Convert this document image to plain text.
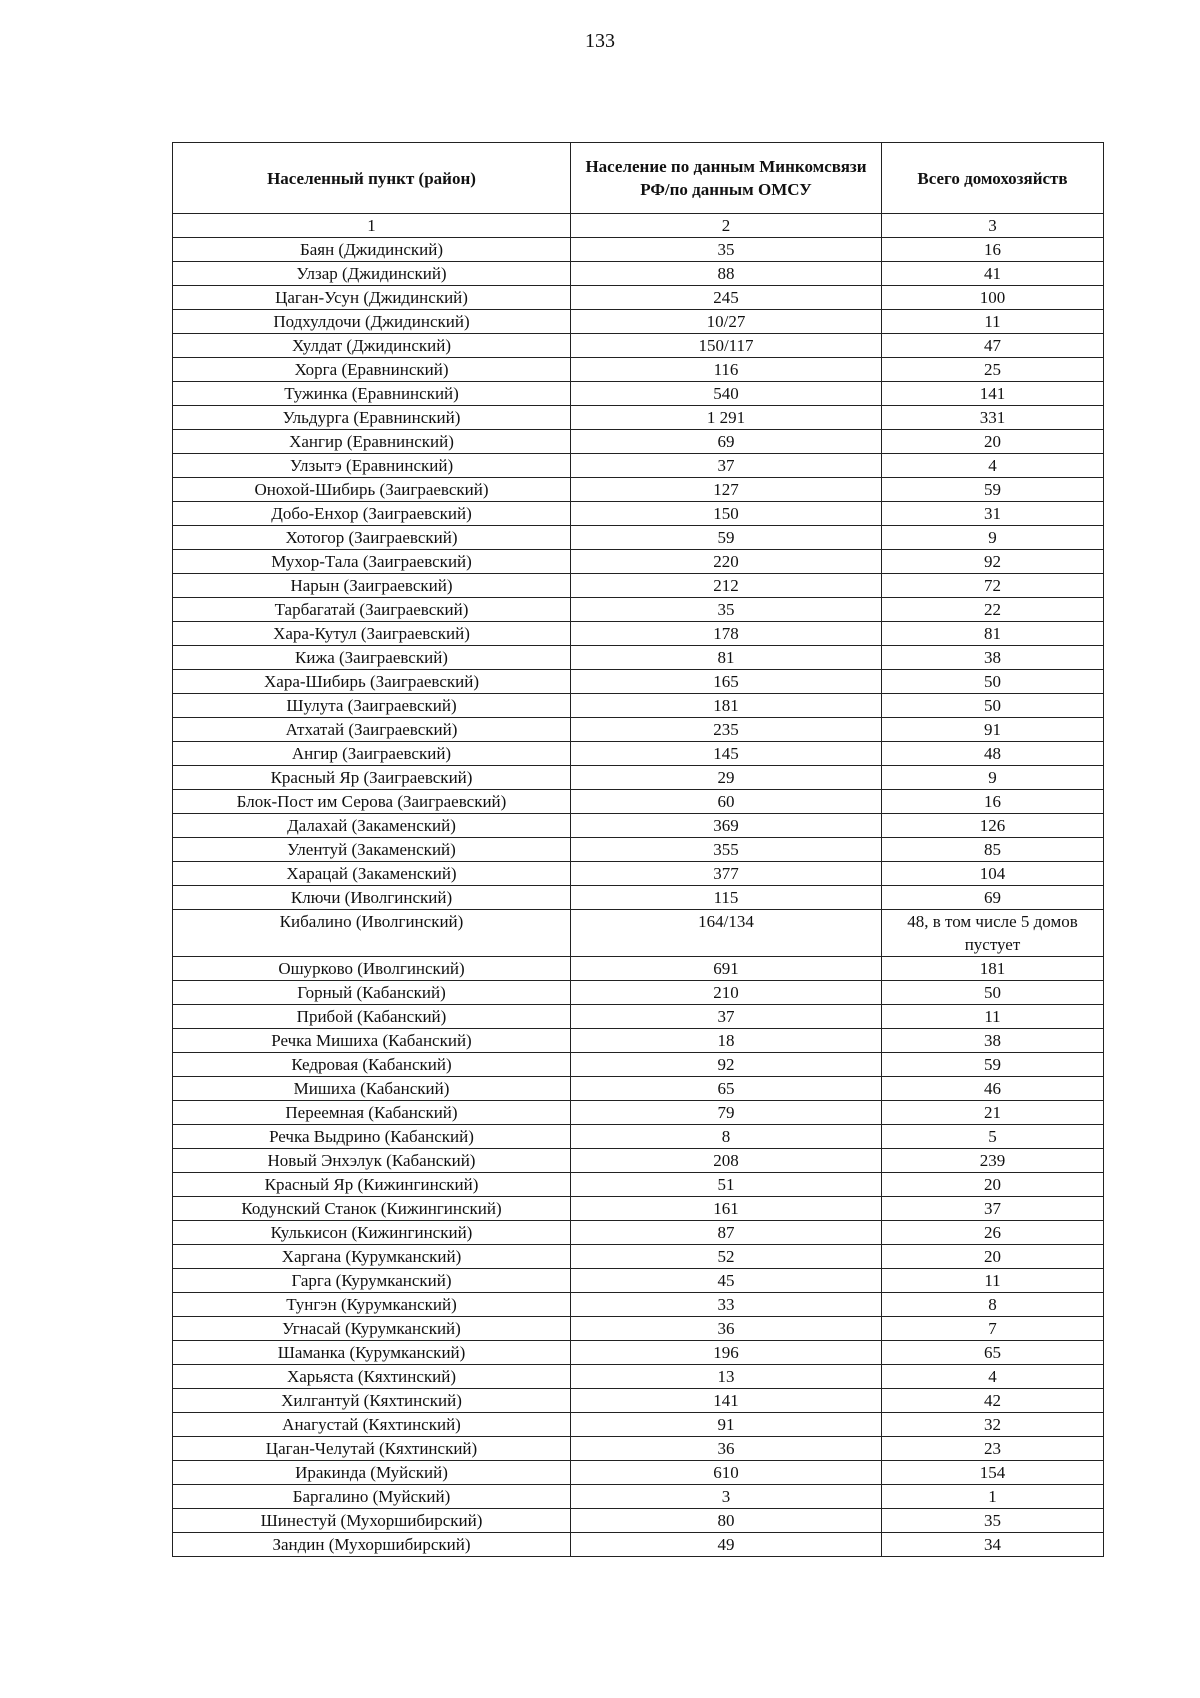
133
Населенный пункт (район)	Население по данным Минкомсвязи РФ/по данным ОМСУ	Всего домохозяйств
1	2	3
Баян (Джидинский)	35	16
Улзар (Джидинский)	88	41
Цаган-Усун (Джидинский)	245	100
Подхулдочи (Джидинский)	10/27	11
Хулдат (Джидинский)	150/117	47
Хорга (Еравнинский)	116	25
Тужинка (Еравнинский)	540	141
Ульдурга (Еравнинский)	1 291	331
Хангир (Еравнинский)	69	20
Улзытэ (Еравнинский)	37	4
Онохой-Шибирь (Заиграевский)	127	59
Добо-Енхор (Заиграевский)	150	31
Хотогор (Заиграевский)	59	9
Мухор-Тала (Заиграевский)	220	92
Нарын (Заиграевский)	212	72
Тарбагатай (Заиграевский)	35	22
Хара-Кутул (Заиграевский)	178	81
Кижа (Заиграевский)	81	38
Хара-Шибирь (Заиграевский)	165	50
Шулута (Заиграевский)	181	50
Атхатай (Заиграевский)	235	91
Ангир (Заиграевский)	145	48
Красный Яр (Заиграевский)	29	9
Блок-Пост им Серова (Заиграевский)	60	16
Далахай (Закаменский)	369	126
Улентуй (Закаменский)	355	85
Харацай (Закаменский)	377	104
Ключи (Иволгинский)	115	69
Кибалино (Иволгинский)	164/134	48, в том числе 5 домов пустует
Ошурково (Иволгинский)	691	181
Горный (Кабанский)	210	50
Прибой (Кабанский)	37	11
Речка Мишиха (Кабанский)	18	38
Кедровая (Кабанский)	92	59
Мишиха (Кабанский)	65	46
Переемная (Кабанский)	79	21
Речка Выдрино (Кабанский)	8	5
Новый Энхэлук (Кабанский)	208	239
Красный Яр (Кижингинский)	51	20
Кодунский Станок (Кижингинский)	161	37
Кулькисон (Кижингинский)	87	26
Харгана (Курумканский)	52	20
Гарга (Курумканский)	45	11
Тунгэн (Курумканский)	33	8
Угнасай (Курумканский)	36	7
Шаманка (Курумканский)	196	65
Харьяста (Кяхтинский)	13	4
Хилгантуй (Кяхтинский)	141	42
Анагустай (Кяхтинский)	91	32
Цаган-Челутай (Кяхтинский)	36	23
Иракинда (Муйский)	610	154
Баргалино (Муйский)	3	1
Шинестуй (Мухоршибирский)	80	35
Зандин (Мухоршибирский)	49	34
